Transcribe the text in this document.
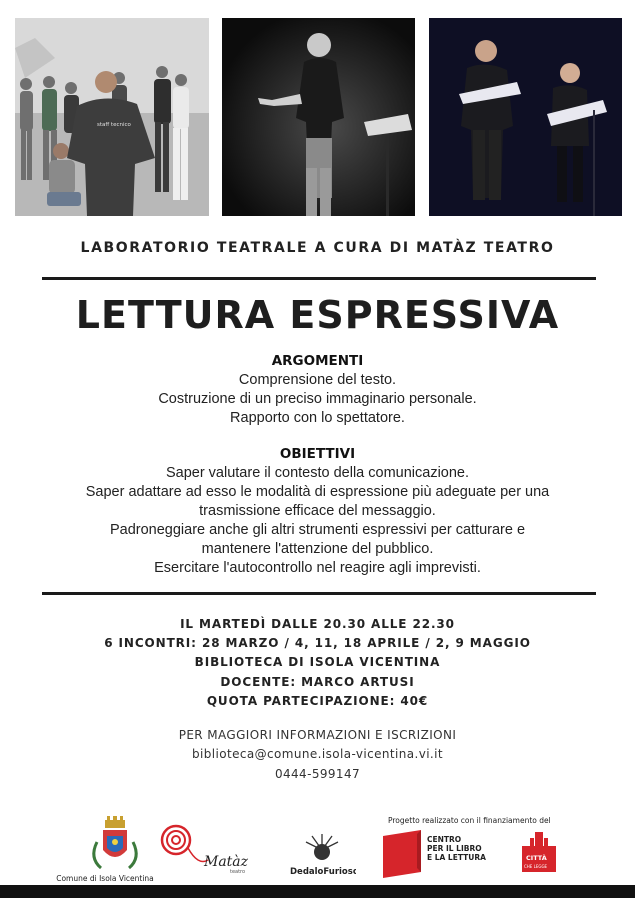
staff tecnico
LABORATORIO TEATRALE A CURA DI MATÀZ TEATRO
LETTURA ESPRESSIVA
ARGOMENTI
Comprensione del testo.
Costruzione di un preciso immaginario personale.
Rapporto con lo spettatore.
OBIETTIVI
Saper valutare il contesto della comunicazione.
Saper adattare ad esso le modalità di espressione più adeguate per una
trasmissione efficace del messaggio.
Padroneggiare anche gli altri strumenti espressivi per catturare e
mantenere l'attenzione del pubblico.
Esercitare l'autocontrollo nel reagire agli imprevisti.
IL MARTEDÌ DALLE 20.30 ALLE 22.30
6 INCONTRI: 28 MARZO / 4, 11, 18 APRILE / 2, 9 MAGGIO
BIBLIOTECA DI ISOLA VICENTINA
DOCENTE: MARCO ARTUSI
QUOTA PARTECIPAZIONE: 40€
PER MAGGIORI INFORMAZIONI E ISCRIZIONI
biblioteca@comune.isola-vicentina.vi.it
0444-599147
Comune di Isola Vicentina
Matàz
teatro	DedaloFurioso
Progetto realizzato con il finanziamento del
CENTRO
PER IL LIBRO
E LA LETTURA	CITTÀ
CHE LEGGE
